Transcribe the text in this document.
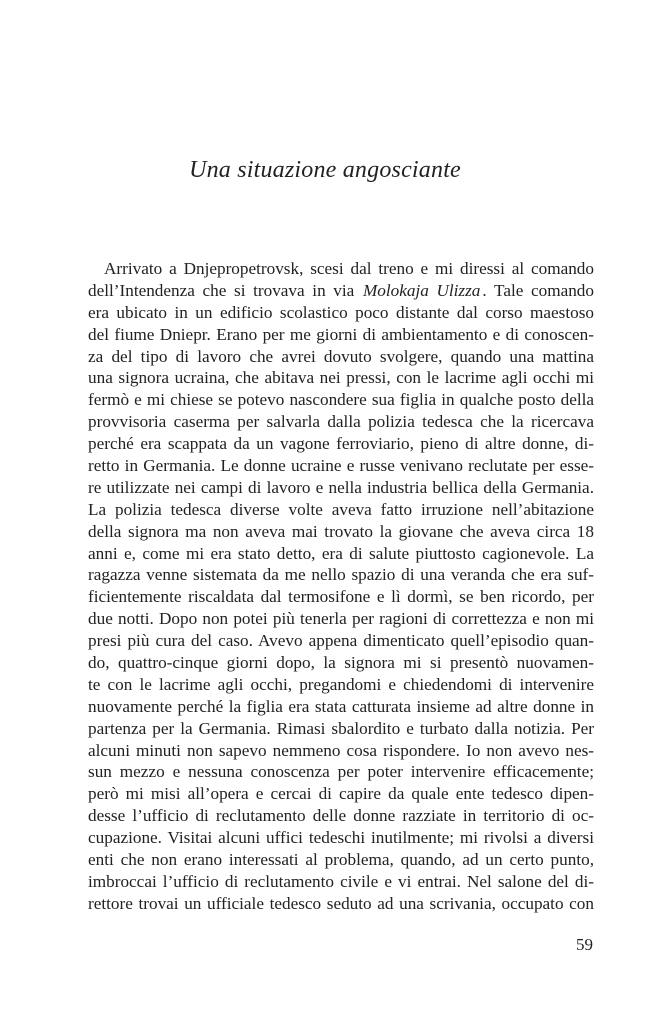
Una situazione angosciante
Arrivato a Dnjepropetrovsk, scesi dal treno e mi diressi al comando
dell’Intendenza che si trovava in via Molokaja Ulizza . Tale comando
era ubicato in un edificio scolastico poco distante dal corso maestoso
del fiume Dniepr. Erano per me giorni di ambientamento e di conoscen-
za del tipo di lavoro che avrei dovuto svolgere, quando una mattina
una signora ucraina, che abitava nei pressi, con le lacrime agli occhi mi
fermò e mi chiese se potevo nascondere sua figlia in qualche posto della
provvisoria caserma per salvarla dalla polizia tedesca che la ricercava
perché era scappata da un vagone ferroviario, pieno di altre donne, di-
retto in Germania. Le donne ucraine e russe venivano reclutate per esse-
re utilizzate nei campi di lavoro e nella industria bellica della Germania.
La polizia tedesca diverse volte aveva fatto irruzione nell’abitazione
della signora ma non aveva mai trovato la giovane che aveva circa 18
anni e, come mi era stato detto, era di salute piuttosto cagionevole. La
ragazza venne sistemata da me nello spazio di una veranda che era suf-
ficientemente riscaldata dal termosifone e lì dormì, se ben ricordo, per
due notti. Dopo non potei più tenerla per ragioni di correttezza e non mi
presi più cura del caso. Avevo appena dimenticato quell’episodio quan-
do, quattro-cinque giorni dopo, la signora mi si presentò nuovamen-
te con le lacrime agli occhi, pregandomi e chiedendomi di intervenire
nuovamente perché la figlia era stata catturata insieme ad altre donne in
partenza per la Germania. Rimasi sbalordito e turbato dalla notizia. Per
alcuni minuti non sapevo nemmeno cosa rispondere. Io non avevo nes-
sun mezzo e nessuna conoscenza per poter intervenire efficacemente;
però mi misi all’opera e cercai di capire da quale ente tedesco dipen-
desse l’ufficio di reclutamento delle donne razziate in territorio di oc-
cupazione. Visitai alcuni uffici tedeschi inutilmente; mi rivolsi a diversi
enti che non erano interessati al problema, quando, ad un certo punto,
imbroccai l’ufficio di reclutamento civile e vi entrai. Nel salone del di-
rettore trovai un ufficiale tedesco seduto ad una scrivania, occupato con
59
